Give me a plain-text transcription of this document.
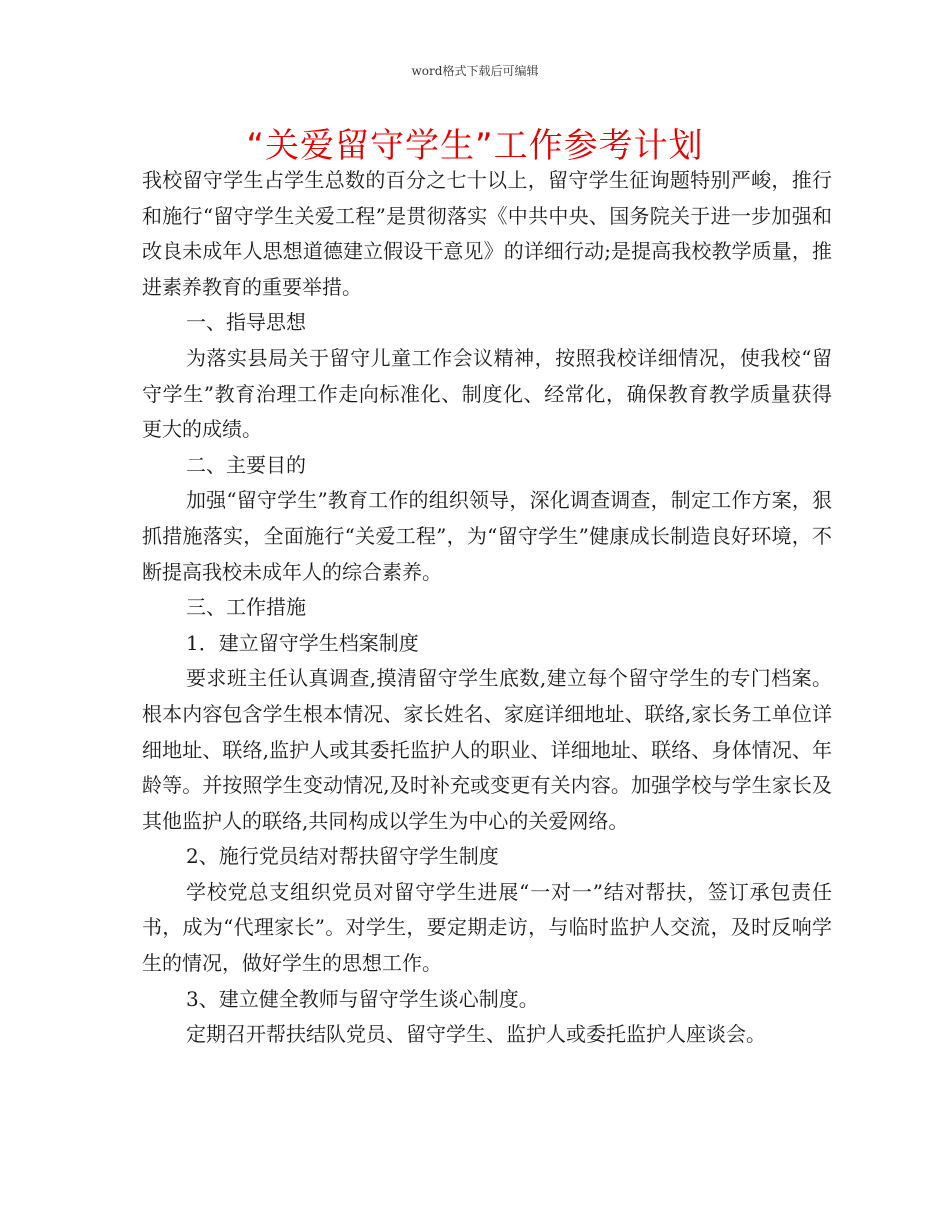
word格式下载后可编辑
“关爱留守学生”工作参考计划

我校留守学生占学生总数的百分之七十以上，留守学生征询题特别严峻，推行和施行“留守学生关爱工程”是贯彻落实《中共中央、国务院关于进一步加强和改良未成年人思想道德建立假设干意见》的详细行动;是提高我校教学质量，推进素养教育的重要举措。

一、指导思想

为落实县局关于留守儿童工作会议精神，按照我校详细情况，使我校“留守学生”教育治理工作走向标准化、制度化、经常化，确保教育教学质量获得更大的成绩。

二、主要目的

加强“留守学生”教育工作的组织领导，深化调查调查，制定工作方案，狠抓措施落实，全面施行“关爱工程”，为“留守学生”健康成长制造良好环境，不断提高我校未成年人的综合素养。

三、工作措施

1．建立留守学生档案制度

要求班主任认真调查,摸清留守学生底数,建立每个留守学生的专门档案。根本内容包含学生根本情况、家长姓名、家庭详细地址、联络,家长务工单位详细地址、联络,监护人或其委托监护人的职业、详细地址、联络、身体情况、年龄等。并按照学生变动情况,及时补充或变更有关内容。加强学校与学生家长及其他监护人的联络,共同构成以学生为中心的关爱网络。

2、施行党员结对帮扶留守学生制度

学校党总支组织党员对留守学生进展“一对一”结对帮扶，签订承包责任书，成为“代理家长”。对学生，要定期走访，与临时监护人交流，及时反响学生的情况，做好学生的思想工作。

3、建立健全教师与留守学生谈心制度。

定期召开帮扶结队党员、留守学生、监护人或委托监护人座谈会。
